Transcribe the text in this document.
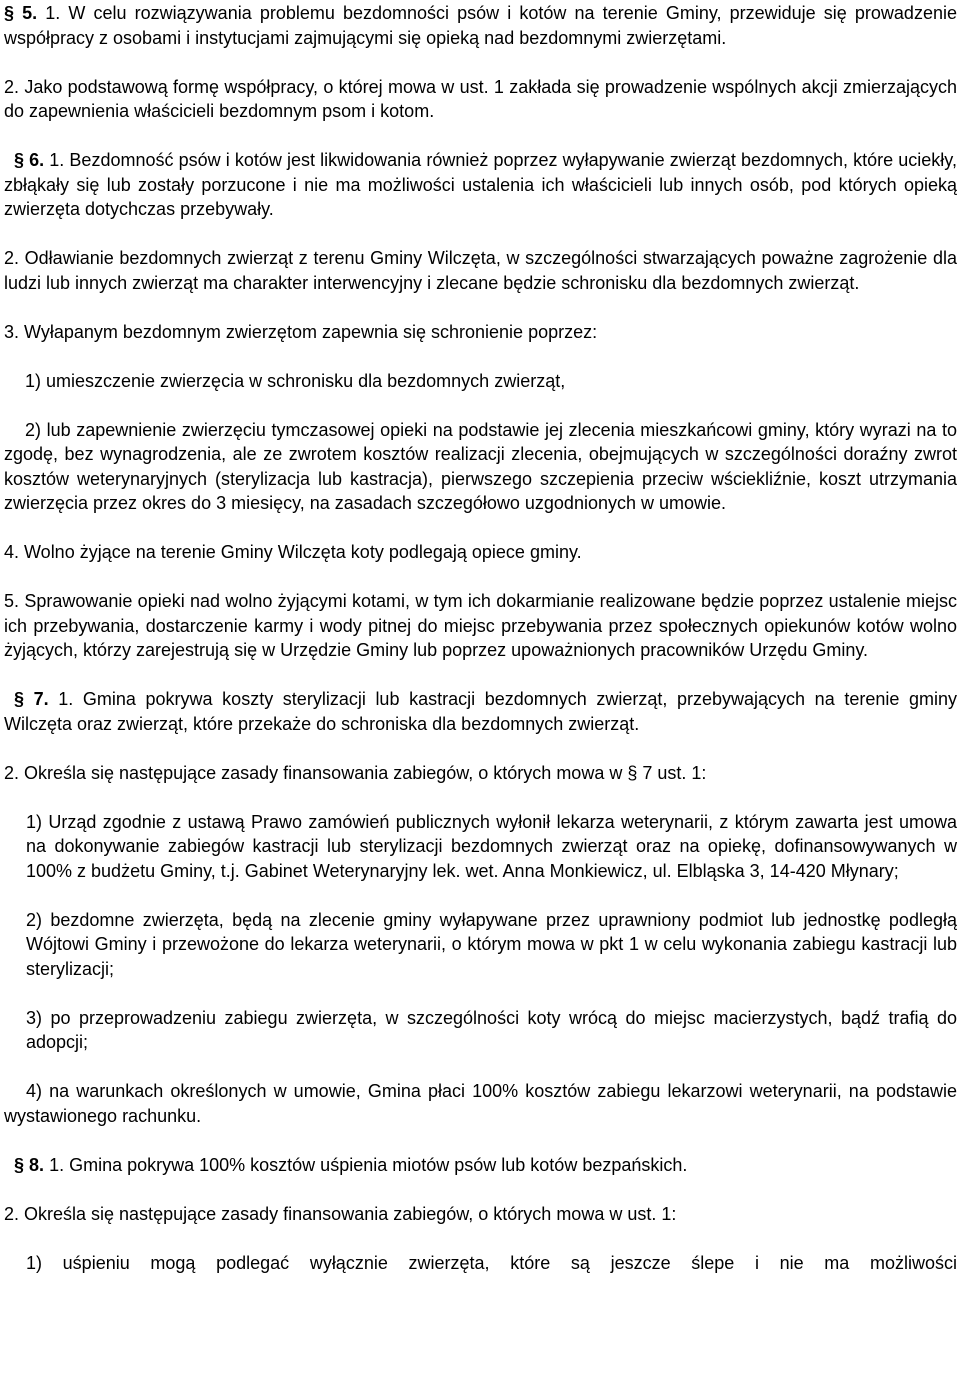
§ 5. 1. W celu rozwiązywania problemu bezdomności psów i kotów na terenie Gminy, przewiduje się prowadzenie współpracy z osobami i instytucjami zajmującymi się opieką nad bezdomnymi zwierzętami.

2. Jako podstawową formę współpracy, o której mowa w ust. 1 zakłada się prowadzenie wspólnych akcji zmierzających do zapewnienia właścicieli bezdomnym psom i kotom.

§ 6. 1. Bezdomność psów i kotów jest likwidowania również poprzez wyłapywanie zwierząt bezdomnych, które uciekły, zbłąkały się lub zostały porzucone i nie ma możliwości ustalenia ich właścicieli lub innych osób, pod których opieką zwierzęta dotychczas przebywały.

2. Odławianie bezdomnych zwierząt z terenu Gminy Wilczęta, w szczególności stwarzających poważne zagrożenie dla ludzi lub innych zwierząt ma charakter interwencyjny i zlecane będzie schronisku dla bezdomnych zwierząt.

3. Wyłapanym bezdomnym zwierzętom zapewnia się schronienie poprzez:

1) umieszczenie zwierzęcia w schronisku dla bezdomnych zwierząt,

2) lub zapewnienie zwierzęciu tymczasowej opieki na podstawie jej zlecenia mieszkańcowi gminy, który wyrazi na to zgodę, bez wynagrodzenia, ale ze zwrotem kosztów realizacji zlecenia, obejmujących w szczególności doraźny zwrot kosztów weterynaryjnych (sterylizacja lub kastracja), pierwszego szczepienia przeciw wściekliźnie, koszt utrzymania zwierzęcia przez okres do 3 miesięcy, na zasadach szczegółowo uzgodnionych w umowie.

4. Wolno żyjące na terenie Gminy Wilczęta koty podlegają opiece gminy.

5. Sprawowanie opieki nad wolno żyjącymi kotami, w tym ich dokarmianie realizowane będzie poprzez ustalenie miejsc ich przebywania, dostarczenie karmy i wody pitnej do miejsc przebywania przez społecznych opiekunów kotów wolno żyjących, którzy zarejestrują się w Urzędzie Gminy lub poprzez upoważnionych pracowników Urzędu Gminy.

§ 7. 1. Gmina pokrywa koszty sterylizacji lub kastracji bezdomnych zwierząt, przebywających na terenie gminy Wilczęta oraz zwierząt, które przekaże do schroniska dla bezdomnych zwierząt.

2. Określa się następujące zasady finansowania zabiegów, o których mowa w § 7 ust. 1:

1) Urząd zgodnie z ustawą Prawo zamówień publicznych wyłonił lekarza weterynarii, z którym zawarta jest umowa na dokonywanie zabiegów kastracji lub sterylizacji bezdomnych zwierząt oraz na opiekę, dofinansowywanych w 100% z budżetu Gminy, t.j. Gabinet Weterynaryjny lek. wet. Anna Monkiewicz, ul. Elbląska 3, 14-420 Młynary;

2) bezdomne zwierzęta, będą na zlecenie gminy wyłapywane przez uprawniony podmiot lub jednostkę podległą Wójtowi Gminy i przewożone do lekarza weterynarii, o którym mowa w pkt 1 w celu wykonania zabiegu kastracji lub sterylizacji;

3) po przeprowadzeniu zabiegu zwierzęta, w szczególności koty wrócą do miejsc macierzystych, bądź trafią do adopcji;

4) na warunkach określonych w umowie, Gmina płaci 100% kosztów zabiegu lekarzowi weterynarii, na podstawie wystawionego rachunku.

§ 8. 1. Gmina pokrywa 100% kosztów uśpienia miotów psów lub kotów bezpańskich.

2. Określa się następujące zasady finansowania zabiegów, o których mowa w ust. 1:

1) uśpieniu mogą podlegać wyłącznie zwierzęta, które są jeszcze ślepe i nie ma możliwości
